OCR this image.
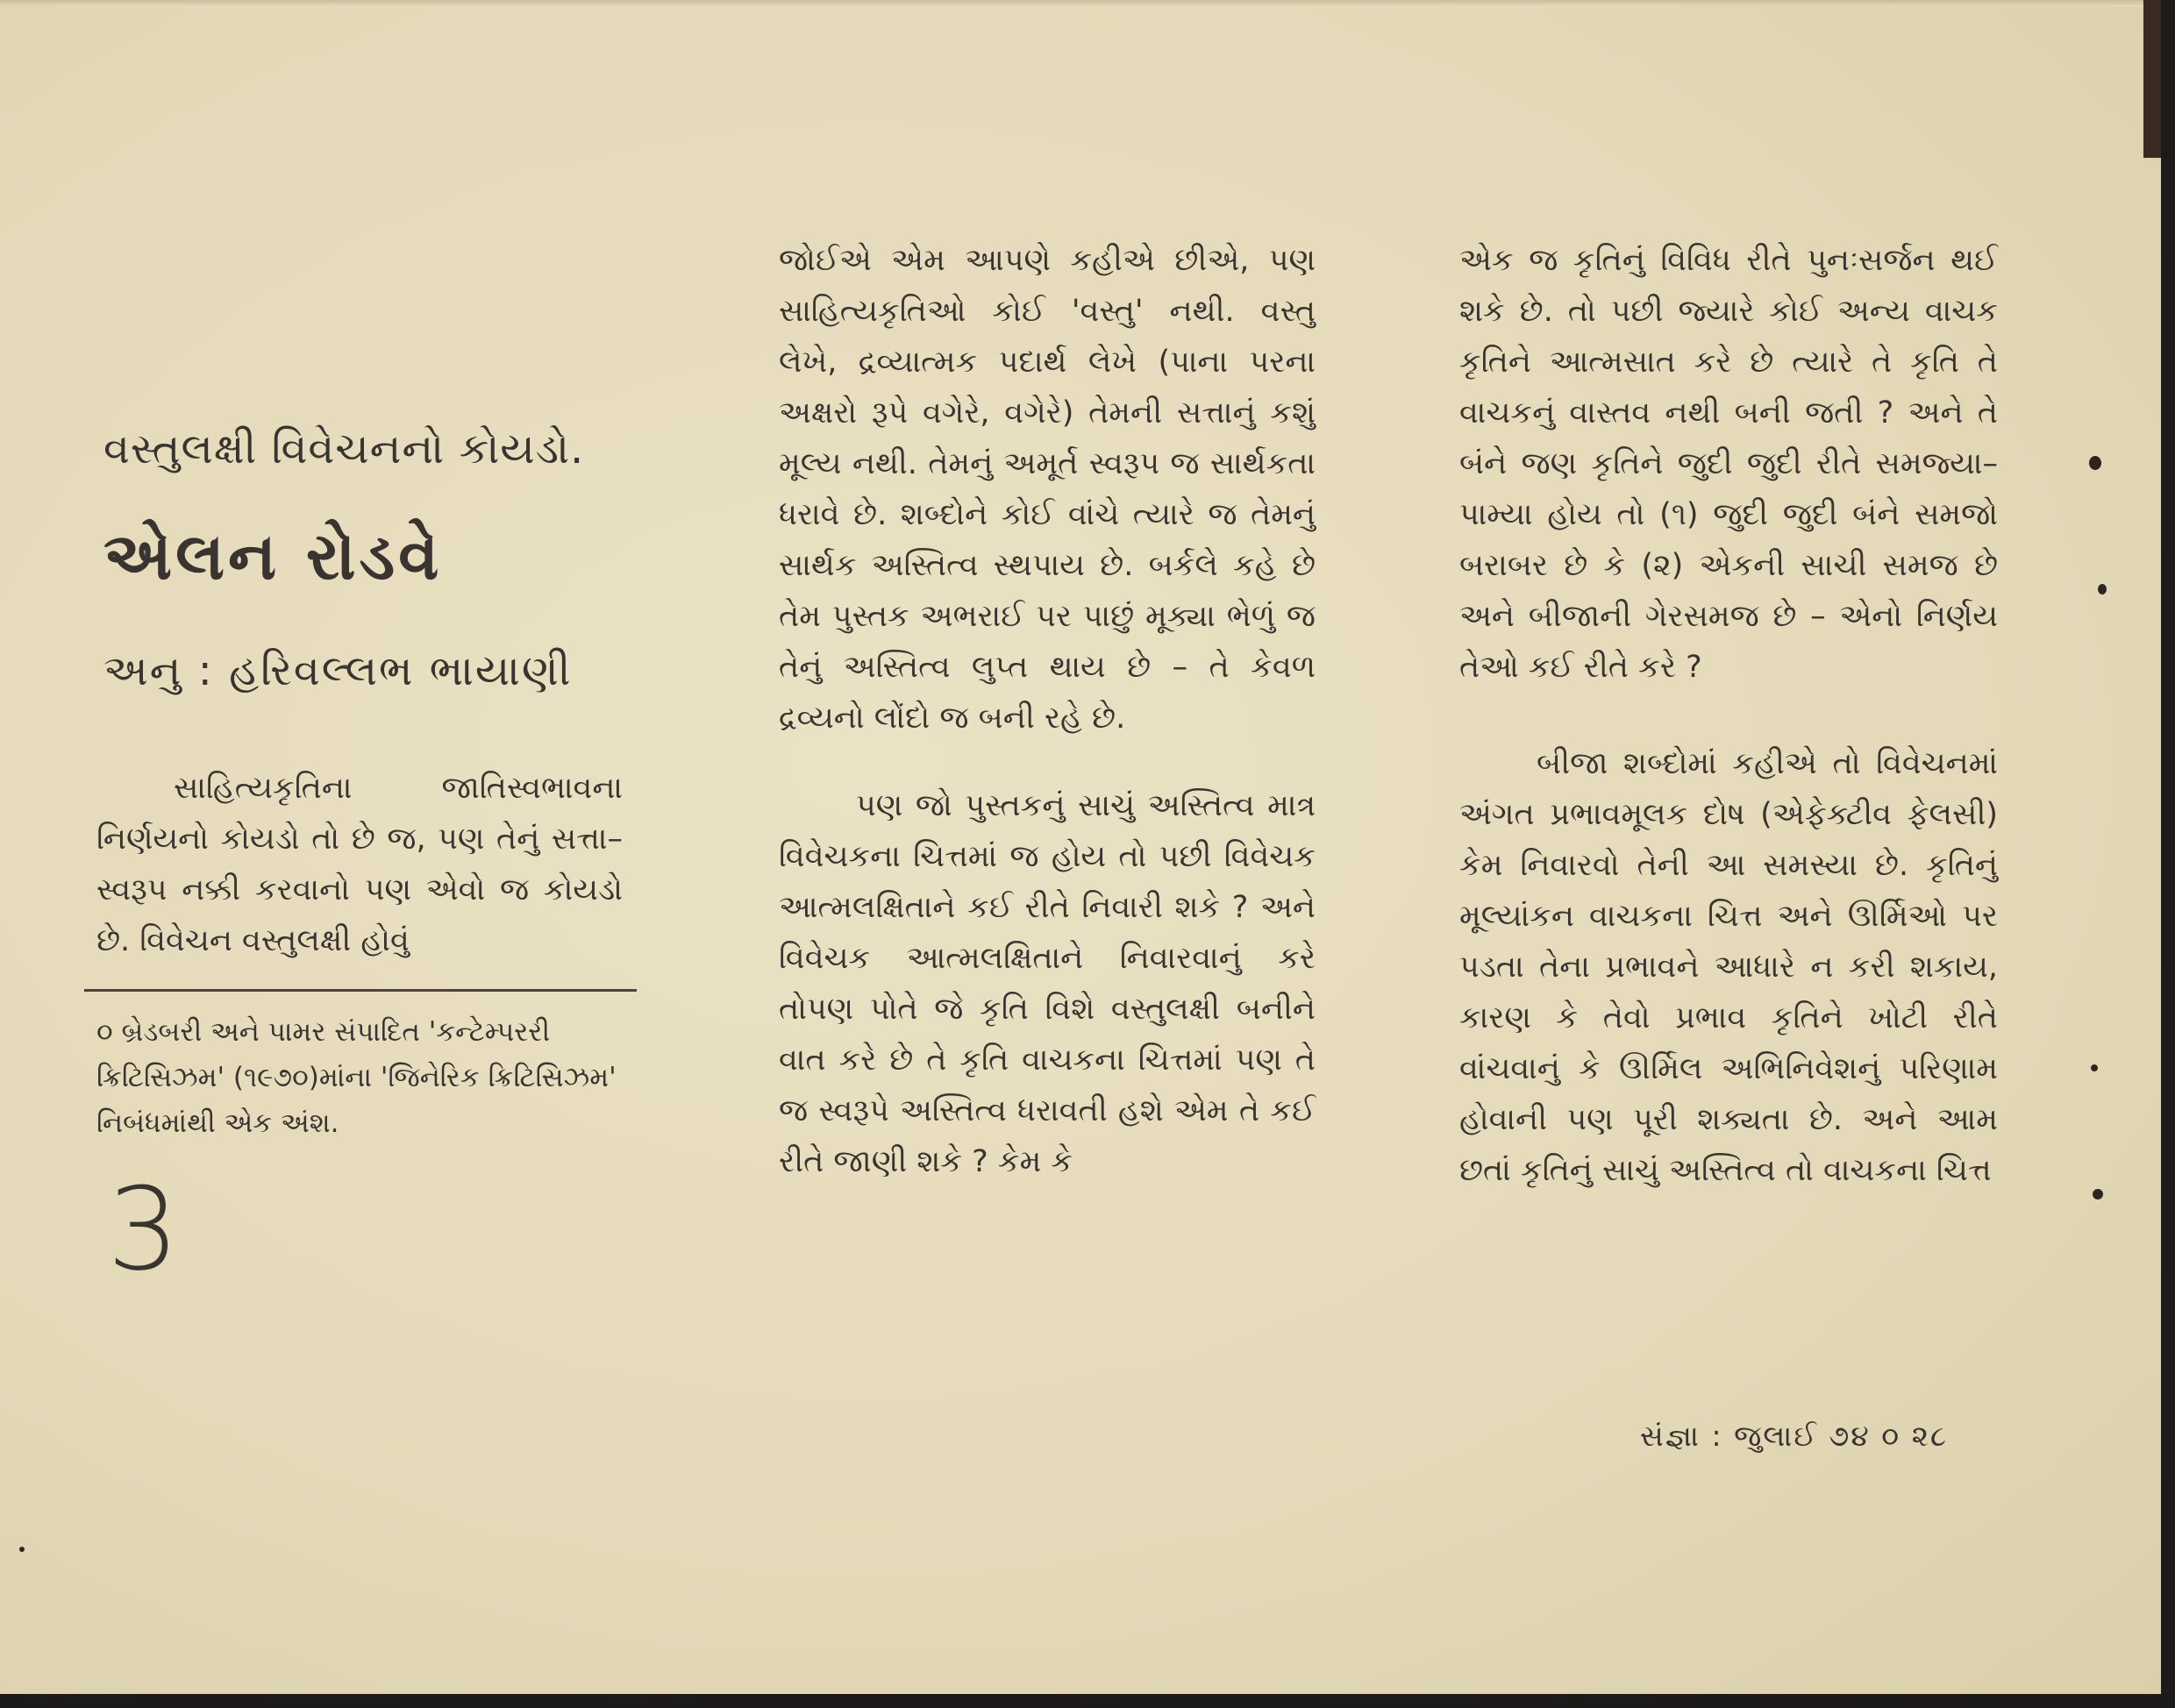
વસ્તુલક્ષી વિવેચનનો કોયડો.
એલન રોડવે
અનુ : હરિવલ્લભ ભાયાણી

સાહિત્યકૃતિના જાતિસ્વભાવના નિર્ણયનો કોયડો તો છે જ, પણ તેનું સત્તા–સ્વરૂપ નક્કી કરવાનો પણ એવો જ કોયડો છે. વિવેચન વસ્તુલક્ષી હોવું

૦ બ્રેડબરી અને પામર સંપાદિત 'કન્ટેમ્પરરી ક્રિટિસિઝમ' (૧૯૭૦)માંના 'જિનેરિક ક્રિટિસિઝમ' નિબંધમાંથી એક અંશ.
3

જોઈએ એમ આપણે કહીએ છીએ, પણ સાહિત્યકૃતિઓ કોઈ 'વસ્તુ' નથી. વસ્તુ લેખે, દ્રવ્યાત્મક પદાર્થ લેખે (પાના પરના અક્ષરો રૂપે વગેરે, વગેરે) તેમની સત્તાનું કશું મૂલ્ય નથી. તેમનું અમૂર્ત સ્વરૂપ જ સાર્થકતા ધરાવે છે. શબ્દોને કોઈ વાંચે ત્યારે જ તેમનું સાર્થક અસ્તિત્વ સ્થપાય છે. બર્કલે કહે છે તેમ પુસ્તક અભરાઈ પર પાછું મૂક્યા ભેળું જ તેનું અસ્તિત્વ લુપ્ત થાય છે – તે કેવળ દ્રવ્યનો લોંદો જ બની રહે છે.

પણ જો પુસ્તકનું સાચું અસ્તિત્વ માત્ર વિવેચકના ચિત્તમાં જ હોય તો પછી વિવેચક આત્મલક્ષિતાને કઈ રીતે નિવારી શકે ? અને વિવેચક આત્મલક્ષિતાને નિવારવાનું કરે તોપણ પોતે જે કૃતિ વિશે વસ્તુલક્ષી બનીને વાત કરે છે તે કૃતિ વાચકના ચિત્તમાં પણ તે જ સ્વરૂપે અસ્તિત્વ ધરાવતી હશે એમ તે કઈ રીતે જાણી શકે ? કેમ કે

એક જ કૃતિનું વિવિધ રીતે પુનઃસર્જન થઈ શકે છે. તો પછી જ્યારે કોઈ અન્ય વાચક કૃતિને આત્મસાત કરે છે ત્યારે તે કૃતિ તે વાચકનું વાસ્તવ નથી બની જતી ? અને તે બંને જણ કૃતિને જુદી જુદી રીતે સમજ્યા–પામ્યા હોય તો (૧) જુદી જુદી બંને સમજો બરાબર છે કે (૨) એકની સાચી સમજ છે અને બીજાની ગેરસમજ છે – એનો નિર્ણય તેઓ કઈ રીતે કરે ?

બીજા શબ્દોમાં કહીએ તો વિવેચનમાં અંગત પ્રભાવમૂલક દોષ (એફેક્ટીવ ફેલસી) કેમ નિવારવો તેની આ સમસ્યા છે. કૃતિનું મૂલ્યાંકન વાચકના ચિત્ત અને ઊર્મિઓ પર પડતા તેના પ્રભાવને આધારે ન કરી શકાય, કારણ કે તેવો પ્રભાવ કૃતિને ખોટી રીતે વાંચવાનું કે ઊર્મિલ અભિનિવેશનું પરિણામ હોવાની પણ પૂરી શક્યતા છે. અને આમ છતાં કૃતિનું સાચું અસ્તિત્વ તો વાચકના ચિત્ત

સંજ્ઞા : જુલાઈ ૭૪ ૦ ૨૮
